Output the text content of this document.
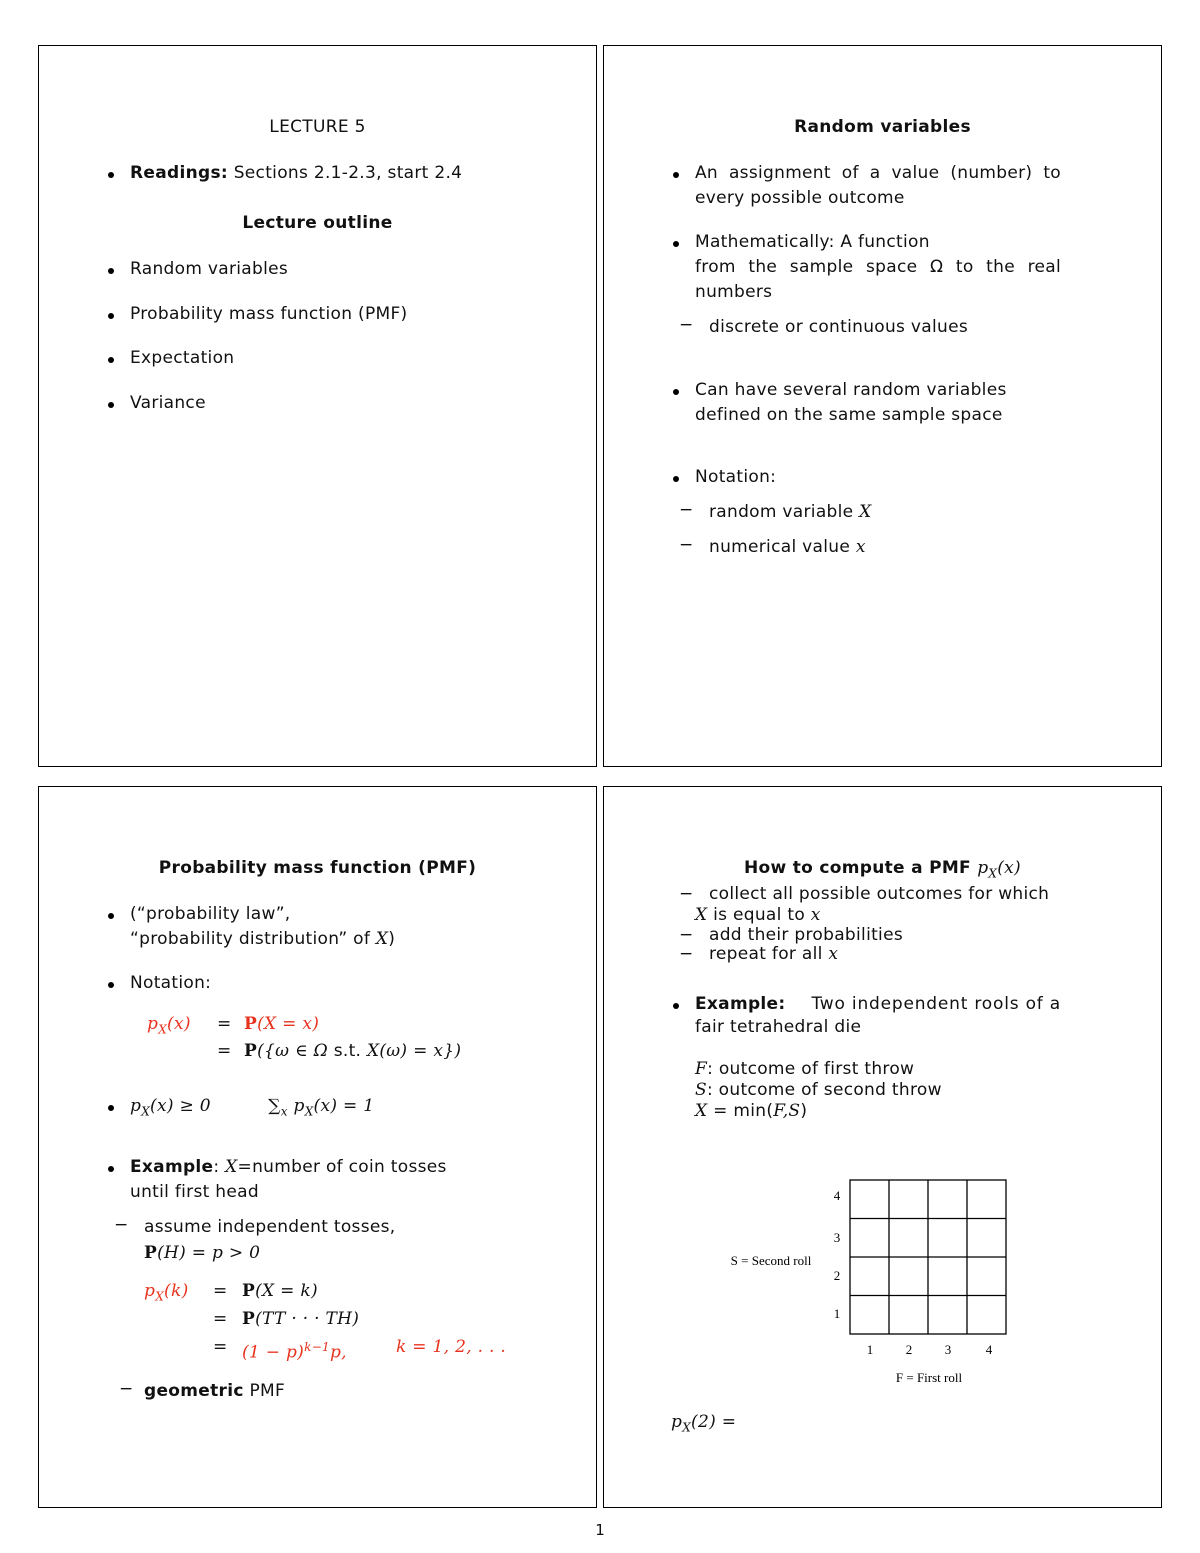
LECTURE 5
Readings: Sections 2.1-2.3, start 2.4
Lecture outline
Random variables
Probability mass function (PMF)
Expectation
Variance
Random variables
An assignment of a value (number) to
every possible outcome
Mathematically: A function
from the sample space Ω to the real
numbers
− discrete or continuous values
Can have several random variables
defined on the same sample space
Notation:
− random variable X
− numerical value x
Probability mass function (PMF)
(“probability law”,
“probability distribution” of X)
Notation:
$p_X(x) = P(X = x)$
= P({ω ∈ Ω s.t. X(ω) = x})
$p_X(x) \ge 0$	$\sum_x$ $p_X(x) = 1$
Example: X=number of coin tosses
until first head
− assume independent tosses,
P(H) = p > 0
$p_X(k) = P(X = k)$
= P(TT · · · TH)
= $(1 - p)^{k-1}p$,	k = 1, 2, . . .
− geometric PMF
How to compute a PMF $p_X(x)$
− collect all possible outcomes for which
X is equal to x
− add their probabilities
− repeat for all x
Example: Two independent rools of a
fair tetrahedral die
F: outcome of first throw
S: outcome of second throw
X = min(F,S)
4
3
2
1
1	2	3	4
S = Second roll
F = First roll
$p_X(2)$ =
1
